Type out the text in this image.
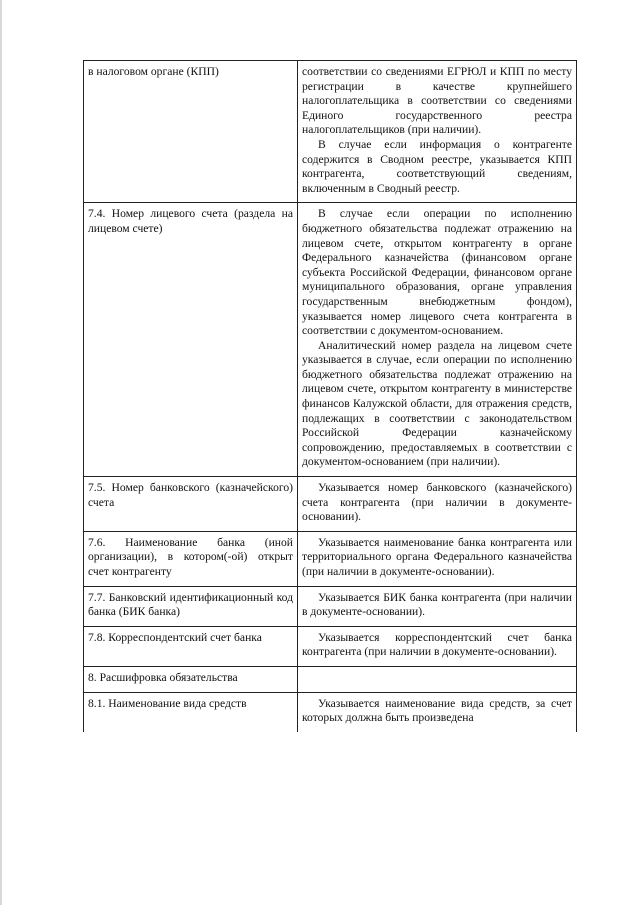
в налоговом органе (КПП)	соответствии со сведениями ЕГРЮЛ и КПП по месту регистрации в качестве крупнейшего налогоплательщика в соответствии со сведениями Единого государственного реестра налогоплательщиков (при наличии).

В случае если информация о контрагенте содержится в Сводном реестре, указывается КПП контрагента, соответствующий сведениям, включенным в Сводный реестр.

7.4. Номер лицевого счета (раздела на лицевом счете)	В случае если операции по исполнению бюджетного обязательства подлежат отражению на лицевом счете, открытом контрагенту в органе Федерального казначейства (финансовом органе субъекта Российской Федерации, финансовом органе муниципального образования, органе управления государственным внебюджетным фондом), указывается номер лицевого счета контрагента в соответствии с документом-основанием.

Аналитический номер раздела на лицевом счете указывается в случае, если операции по исполнению бюджетного обязательства подлежат отражению на лицевом счете, открытом контрагенту в министерстве финансов Калужской области, для отражения средств, подлежащих в соответствии с законодательством Российской Федерации казначейскому сопровождению, предоставляемых в соответствии с документом-основанием (при наличии).

7.5. Номер банковского (казначейского) счета	Указывается номер банковского (казначейского) счета контрагента (при наличии в документе-основании).

7.6. Наименование банка (иной организации), в котором(-ой) открыт счет контрагенту	Указывается наименование банка контрагента или территориального органа Федерального казначейства (при наличии в документе-основании).

7.7. Банковский идентификационный код банка (БИК банка)	Указывается БИК банка контрагента (при наличии в документе-основании).

7.8. Корреспондентский счет банка	Указывается корреспондентский счет банка контрагента (при наличии в документе-основании).

8. Расшифровка обязательства	

8.1. Наименование вида средств	Указывается наименование вида средств, за счет которых должна быть произведена
